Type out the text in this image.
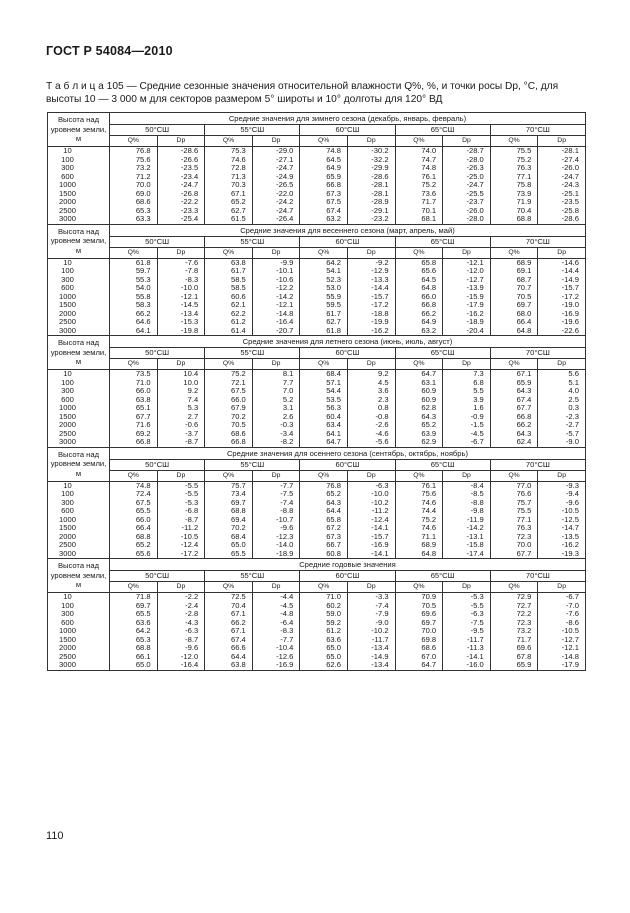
ГОСТ Р 54084—2010
Т а б л и ц а 105 — Средние сезонные значения относительной влажности Q%, %, и точки росы Dр, °С, для высоты 10 — 3 000 м для секторов размером 5° широты и 10° долготы для 120° ВД
Высота над уровнем земли, м	Средние значения для зимнего сезона (декабрь, январь, февраль)									
	50°СШ		55°СШ		60°СШ		65°СШ		70°СШ	
	Q%	Dр	Q%	Dр	Q%	Dр	Q%	Dр	Q%	Dр
10	76.8	-28.6	75.3	-29.0	74.8	-30.2	74.0	-28.7	75.5	-28.1
100	75.6	-26.6	74.6	-27.1	64.5	-32.2	74.7	-28.0	75.2	-27.4
300	73.2	-23.5	72.8	-24.7	64.9	-29.9	74.8	-26.3	76.3	-26.0
600	71.2	-23.4	71.3	-24.9	65.9	-28.6	76.1	-25.0	77.1	-24.7
1000	70.0	-24.7	70.3	-26.5	66.8	-28.1	75.2	-24.7	75.8	-24.3
1500	69.0	-26.8	67.1	-22.0	67.3	-28.1	73.6	-25.5	73.9	-25.1
2000	68.6	-22.2	65.2	-24.2	67.5	-28.9	71.7	-23.7	71.9	-23.5
2500	65.3	-23.3	62.7	-24.7	67.4	-29.1	70.1	-26.0	70.4	-25.8
3000	63.3	-25.4	61.5	-26.4	63.2	-23.2	68.1	-28.0	68.8	-28.6
Высота над уровнем земли, м	Средние значения для весеннего сезона (март, апрель, май)									
	50°СШ		55°СШ		60°СШ		65°СШ		70°СШ	
	Q%	Dр	Q%	Dр	Q%	Dр	Q%	Dр	Q%	Dр
10	61.8	-7.6	63.8	-9.9	64.2	-9.2	65.8	-12.1	68.9	-14.6
100	59.7	-7.8	61.7	-10.1	54.1	-12.9	65.6	-12.0	69.1	-14.4
300	55.3	-8.3	58.5	-10.6	52.3	-13.3	64.5	-12.7	68.7	-14.9
600	54.0	-10.0	58.5	-12.2	53.0	-14.4	64.8	-13.9	70.7	-15.7
1000	55.8	-12.1	60.6	-14.2	55.9	-15.7	66.0	-15.9	70.5	-17.2
1500	58.3	-14.5	62.1	-12.1	59.5	-17.2	66.8	-17.9	69.7	-19.0
2000	66.2	-13.4	62.2	-14.8	61.7	-18.8	66.2	-16.2	68.0	-16.9
2500	64.6	-15.3	61.2	-16.4	62.7	-19.9	64.9	-18.9	66.4	-19.6
3000	64.1	-19.8	61.4	-20.7	61.8	-16.2	63.2	-20.4	64.8	-22.6
Высота над уровнем земли, м	Средние значения для летнего сезона (июнь, июль, август)									
	50°СШ		55°СШ		60°СШ		65°СШ		70°СШ	
	Q%	Dр	Q%	Dр	Q%	Dр	Q%	Dр	Q%	Dр
10	73.5	10.4	75.2	8.1	68.4	9.2	64.7	7.3	67.1	5.6
100	71.0	10.0	72.1	7.7	57.1	4.5	63.1	6.8	65.9	5.1
300	66.0	9.2	67.5	7.0	54.4	3.6	60.9	5.5	64.3	4.0
600	63.8	7.4	66.0	5.2	53.5	2.3	60.9	3.9	67.4	2.5
1000	65.1	5.3	67.9	3.1	56.3	0.8	62.8	1.6	67.7	0.3
1500	67.7	2.7	70.2	2.6	60.4	-0.8	64.3	-0.9	66.8	-2.3
2000	71.6	-0.6	70.5	-0.3	63.4	-2.6	65.2	-1.5	66.2	-2.7
2500	69.2	-3.7	68.6	-3.4	64.1	-4.6	63.9	-4.5	64.3	-5.7
3000	66.8	-8.7	66.8	-8.2	64.7	-5.6	62.9	-6.7	62.4	-9.0
Высота над уровнем земли, м	Средние значения для осеннего сезона (сентябрь, октябрь, ноябрь)									
	50°СШ		55°СШ		60°СШ		65°СШ		70°СШ	
	Q%	Dр	Q%	Dр	Q%	Dр	Q%	Dр	Q%	Dр
10	74.8	-5.5	75.7	-7.7	76.8	-6.3	76.1	-8.4	77.0	-9.3
100	72.4	-5.5	73.4	-7.5	65.2	-10.0	75.6	-8.5	76.6	-9.4
300	67.5	-5.3	69.7	-7.4	64.3	-10.2	74.6	-8.8	75.7	-9.6
600	65.5	-6.8	68.8	-8.8	64.4	-11.2	74.4	-9.8	75.5	-10.5
1000	66.0	-8.7	69.4	-10.7	65.8	-12.4	75.2	-11.9	77.1	-12.5
1500	66.4	-11.2	70.2	-9.6	67.2	-14.1	74.6	-14.2	76.3	-14.7
2000	68.8	-10.5	68.4	-12.3	67.3	-15.7	71.1	-13.1	72.3	-13.5
2500	65.2	-12.4	65.0	-14.0	66.7	-16.9	68.9	-15.8	70.0	-16.2
3000	65.6	-17.2	65.5	-18.9	60.8	-14.1	64.8	-17.4	67.7	-19.3
Высота над уровнем земли, м	Средние годовые значения									
	50°СШ		55°СШ		60°СШ		65°СШ		70°СШ	
	Q%	Dр	Q%	Dр	Q%	Dр	Q%	Dр	Q%	Dр
10	71.8	-2.2	72.5	-4.4	71.0	-3.3	70.9	-5.3	72.9	-6.7
100	69.7	-2.4	70.4	-4.5	60.2	-7.4	70.5	-5.5	72.7	-7.0
300	65.5	-2.8	67.1	-4.8	59.0	-7.9	69.6	-6.3	72.2	-7.6
600	63.6	-4.3	66.2	-6.4	59.2	-9.0	69.7	-7.5	72.3	-8.6
1000	64.2	-6.3	67.1	-8.3	61.2	-10.2	70.0	-9.5	73.2	-10.5
1500	65.3	-8.7	67.4	-7.7	63.6	-11.7	69.8	-11.7	71.7	-12.7
2000	68.8	-9.6	66.6	-10.4	65.0	-13.4	68.6	-11.3	69.6	-12.1
2500	66.1	-12.0	64.4	-12.6	65.0	-14.9	67.0	-14.1	67.8	-14.8
3000	65.0	-16.4	63.8	-16.9	62.6	-13.4	64.7	-16.0	65.9	-17.9
110
